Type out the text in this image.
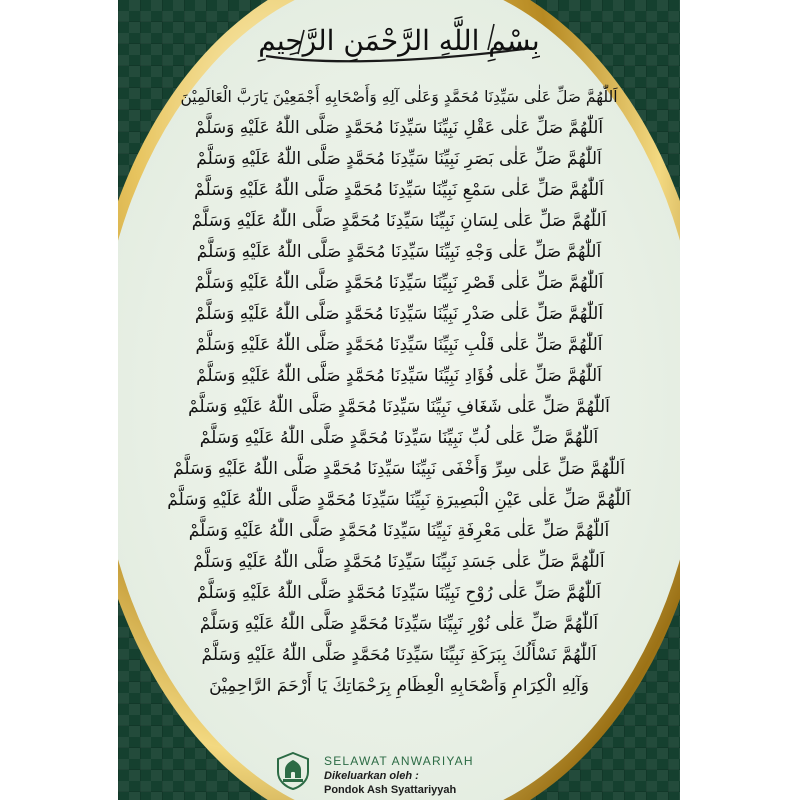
بِسْمِ اللَّهِ الرَّحْمَنِ الرَّحِيمِ
اَللّٰهُمَّ صَلِّ عَلٰى سَيِّدِنَا مُحَمَّدٍ وَعَلٰى آلِهِ وَأَصْحَابِهِ أَجْمَعِيْنَ يَارَبَّ الْعَالَمِيْنَ
اَللّٰهُمَّ صَلِّ عَلٰى عَقْلِ نَبِيِّنَا سَيِّدِنَا مُحَمَّدٍ صَلَّى اللّٰهُ عَلَيْهِ وَسَلَّمْ
اَللّٰهُمَّ صَلِّ عَلٰى بَصَرِ نَبِيِّنَا سَيِّدِنَا مُحَمَّدٍ صَلَّى اللّٰهُ عَلَيْهِ وَسَلَّمْ
اَللّٰهُمَّ صَلِّ عَلٰى سَمْعِ نَبِيِّنَا سَيِّدِنَا مُحَمَّدٍ صَلَّى اللّٰهُ عَلَيْهِ وَسَلَّمْ
اَللّٰهُمَّ صَلِّ عَلٰى لِسَانِ نَبِيِّنَا سَيِّدِنَا مُحَمَّدٍ صَلَّى اللّٰهُ عَلَيْهِ وَسَلَّمْ
اَللّٰهُمَّ صَلِّ عَلٰى وَجْهِ نَبِيِّنَا سَيِّدِنَا مُحَمَّدٍ صَلَّى اللّٰهُ عَلَيْهِ وَسَلَّمْ
اَللّٰهُمَّ صَلِّ عَلٰى قَصْرِ نَبِيِّنَا سَيِّدِنَا مُحَمَّدٍ صَلَّى اللّٰهُ عَلَيْهِ وَسَلَّمْ
اَللّٰهُمَّ صَلِّ عَلٰى صَدْرِ نَبِيِّنَا سَيِّدِنَا مُحَمَّدٍ صَلَّى اللّٰهُ عَلَيْهِ وَسَلَّمْ
اَللّٰهُمَّ صَلِّ عَلٰى قَلْبِ نَبِيِّنَا سَيِّدِنَا مُحَمَّدٍ صَلَّى اللّٰهُ عَلَيْهِ وَسَلَّمْ
اَللّٰهُمَّ صَلِّ عَلٰى فُؤَادِ نَبِيِّنَا سَيِّدِنَا مُحَمَّدٍ صَلَّى اللّٰهُ عَلَيْهِ وَسَلَّمْ
اَللّٰهُمَّ صَلِّ عَلٰى شَغَافِ نَبِيِّنَا سَيِّدِنَا مُحَمَّدٍ صَلَّى اللّٰهُ عَلَيْهِ وَسَلَّمْ
اَللّٰهُمَّ صَلِّ عَلٰى لُبِّ نَبِيِّنَا سَيِّدِنَا مُحَمَّدٍ صَلَّى اللّٰهُ عَلَيْهِ وَسَلَّمْ
اَللّٰهُمَّ صَلِّ عَلٰى سِرِّ وَأَخْفَى نَبِيِّنَا سَيِّدِنَا مُحَمَّدٍ صَلَّى اللّٰهُ عَلَيْهِ وَسَلَّمْ
اَللّٰهُمَّ صَلِّ عَلٰى عَيْنِ الْبَصِيرَةِ نَبِيِّنَا سَيِّدِنَا مُحَمَّدٍ صَلَّى اللّٰهُ عَلَيْهِ وَسَلَّمْ
اَللّٰهُمَّ صَلِّ عَلٰى مَعْرِفَةِ نَبِيِّنَا سَيِّدِنَا مُحَمَّدٍ صَلَّى اللّٰهُ عَلَيْهِ وَسَلَّمْ
اَللّٰهُمَّ صَلِّ عَلٰى جَسَدِ نَبِيِّنَا سَيِّدِنَا مُحَمَّدٍ صَلَّى اللّٰهُ عَلَيْهِ وَسَلَّمْ
اَللّٰهُمَّ صَلِّ عَلٰى رُوْحِ نَبِيِّنَا سَيِّدِنَا مُحَمَّدٍ صَلَّى اللّٰهُ عَلَيْهِ وَسَلَّمْ
اَللّٰهُمَّ صَلِّ عَلٰى نُوْرِ نَبِيِّنَا سَيِّدِنَا مُحَمَّدٍ صَلَّى اللّٰهُ عَلَيْهِ وَسَلَّمْ
اَللّٰهُمَّ نَسْأَلُكَ بِبَرَكَةِ نَبِيِّنَا سَيِّدِنَا مُحَمَّدٍ صَلَّى اللّٰهُ عَلَيْهِ وَسَلَّمْ
وَآلِهِ الْكِرَامِ وَأَصْحَابِهِ الْعِظَامِ بِرَحْمَاتِكَ يَا أَرْحَمَ الرَّاحِمِيْنَ
SELAWAT ANWARIYAH
Dikeluarkan oleh :
Pondok Ash Syattariyyah
